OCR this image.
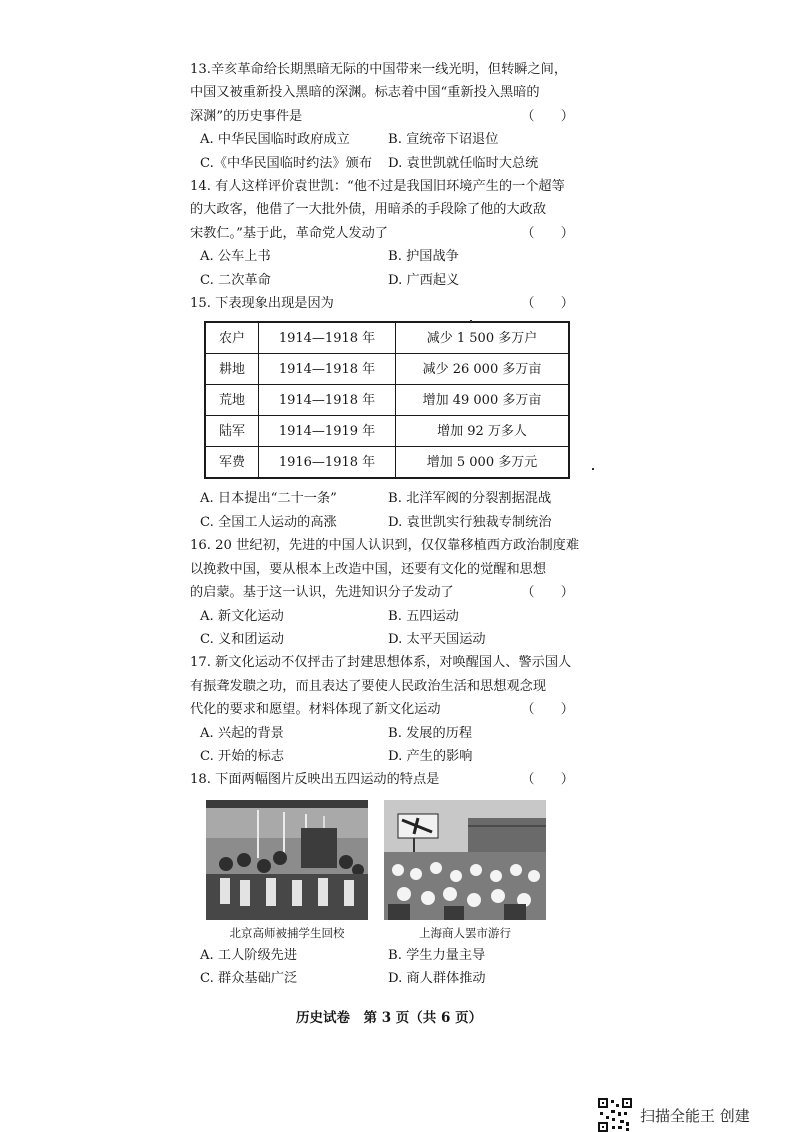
13.辛亥革命给长期黑暗无际的中国带来一线光明，但转瞬之间，
中国又被重新投入黑暗的深渊。标志着中国“重新投入黑暗的
深渊”的历史事件是	（　　）
A. 中华民国临时政府成立	B. 宣统帝下诏退位
C.《中华民国临时约法》颁布	D. 袁世凯就任临时大总统
14. 有人这样评价袁世凯：“他不过是我国旧环境产生的一个超等
的大政客，他借了一大批外债，用暗杀的手段除了他的大政敌
宋教仁。”基于此，革命党人发动了	（　　）
A. 公车上书	B. 护国战争
C. 二次革命	D. 广西起义
15. 下表现象出现是因为	（　　）
农户	1914—1918 年	减少 1 500 多万户
耕地	1914—1918 年	减少 26 000 多万亩
荒地	1914—1918 年	增加 49 000 多万亩
陆军	1914—1919 年	增加 92 万多人
军费	1916—1918 年	增加 5 000 多万元
A. 日本提出“二十一条”	B. 北洋军阀的分裂割据混战
C. 全国工人运动的高涨	D. 袁世凯实行独裁专制统治
16. 20 世纪初，先进的中国人认识到，仅仅靠移植西方政治制度难
以挽救中国，要从根本上改造中国，还要有文化的觉醒和思想
的启蒙。基于这一认识，先进知识分子发动了	（　　）
A. 新文化运动	B. 五四运动
C. 义和团运动	D. 太平天国运动
17. 新文化运动不仅抨击了封建思想体系，对唤醒国人、警示国人
有振聋发聩之功，而且表达了要使人民政治生活和思想观念现
代化的要求和愿望。材料体现了新文化运动	（　　）
A. 兴起的背景	B. 发展的历程
C. 开始的标志	D. 产生的影响
18. 下面两幅图片反映出五四运动的特点是	（　　）
北京高师被捕学生回校	上海商人罢市游行
A. 工人阶级先进	B. 学生力量主导
C. 群众基础广泛	D. 商人群体推动
历史试卷　第 3 页（共 6 页）
扫描全能王 创建
